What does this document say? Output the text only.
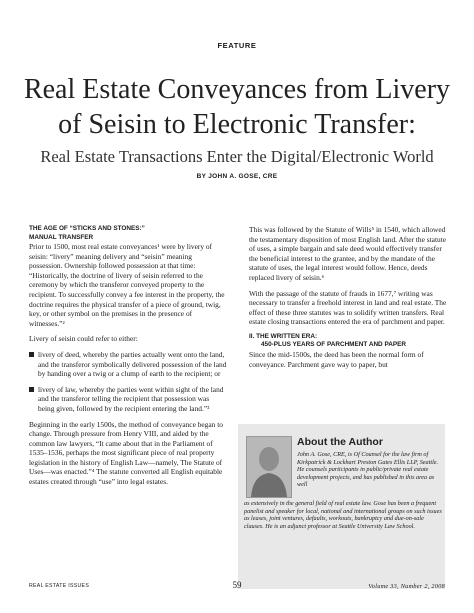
FEATURE
Real Estate Conveyances from Livery
of Seisin to Electronic Transfer:
Real Estate Transactions Enter the Digital/Electronic World
BY JOHN A. GOSE, CRE
THE AGE OF “STICKS AND STONES:”
MANUAL TRANSFER

Prior to 1500, most real estate conveyances¹ were by livery of seisin: “livery” meaning delivery and “seisin” meaning possession. Ownership followed possession at that time: “Historically, the doctrine of livery of seisin referred to the ceremony by which the transferor conveyed property to the recipient. To successfully convey a fee interest in the property, the doctrine requires the physical transfer of a piece of ground, twig, key, or other symbol on the premises in the presence of witnesses.”²

Livery of seisin could refer to either:

livery of deed, whereby the parties actually went onto the land, and the transferor symbolically delivered possession of the land by handing over a twig or a clump of earth to the recipient; or

livery of law, whereby the parties went within sight of the land and the transferor telling the recipient that possession was being given, followed by the recipient entering the land.”³

Beginning in the early 1500s, the method of conveyance began to change. Through pressure from Henry VIII, and aided by the common law lawyers, “It came about that in the Parliament of 1535–1536, perhaps the most significant piece of real property legislation in the history of English Law—namely, The Statute of Uses—was enacted.”⁴ The statute converted all English equitable estates created through “use” into legal estates.

This was followed by the Statute of Wills⁵ in 1540, which allowed the testamentary disposition of most English land. After the statute of uses, a simple bargain and sale deed would effectively transfer the beneficial interest to the grantee, and by the mandate of the statute of uses, the legal interest would follow. Hence, deeds replaced livery of seisin.⁶

With the passage of the statute of frauds in 1677,⁷ writing was necessary to transfer a freehold interest in land and real estate. The effect of these three statutes was to solidify written transfers. Real estate closing transactions entered the era of parchment and paper.

II. THE WRITTEN ERA:
450-PLUS YEARS OF PARCHMENT AND PAPER

Since the mid-1500s, the deed has been the normal form of conveyance. Parchment gave way to paper, but

About the Author
John A. Gose, CRE, is Of Counsel for the law firm of Kirkpatrick & Lockhart Preston Gates Ellis LLP, Seattle. He counsels participants in public/private real estate development projects, and has published in this area as well
as extensively in the general field of real estate law. Gose has been a frequent panelist and speaker for local, national and international groups on such issues as leases, joint ventures, defaults, workouts, bankruptcy and due-on-sale clauses. He is an adjunct professor at Seattle University Law School.
REAL ESTATE ISSUES	59	Volume 33, Number 2, 2008
